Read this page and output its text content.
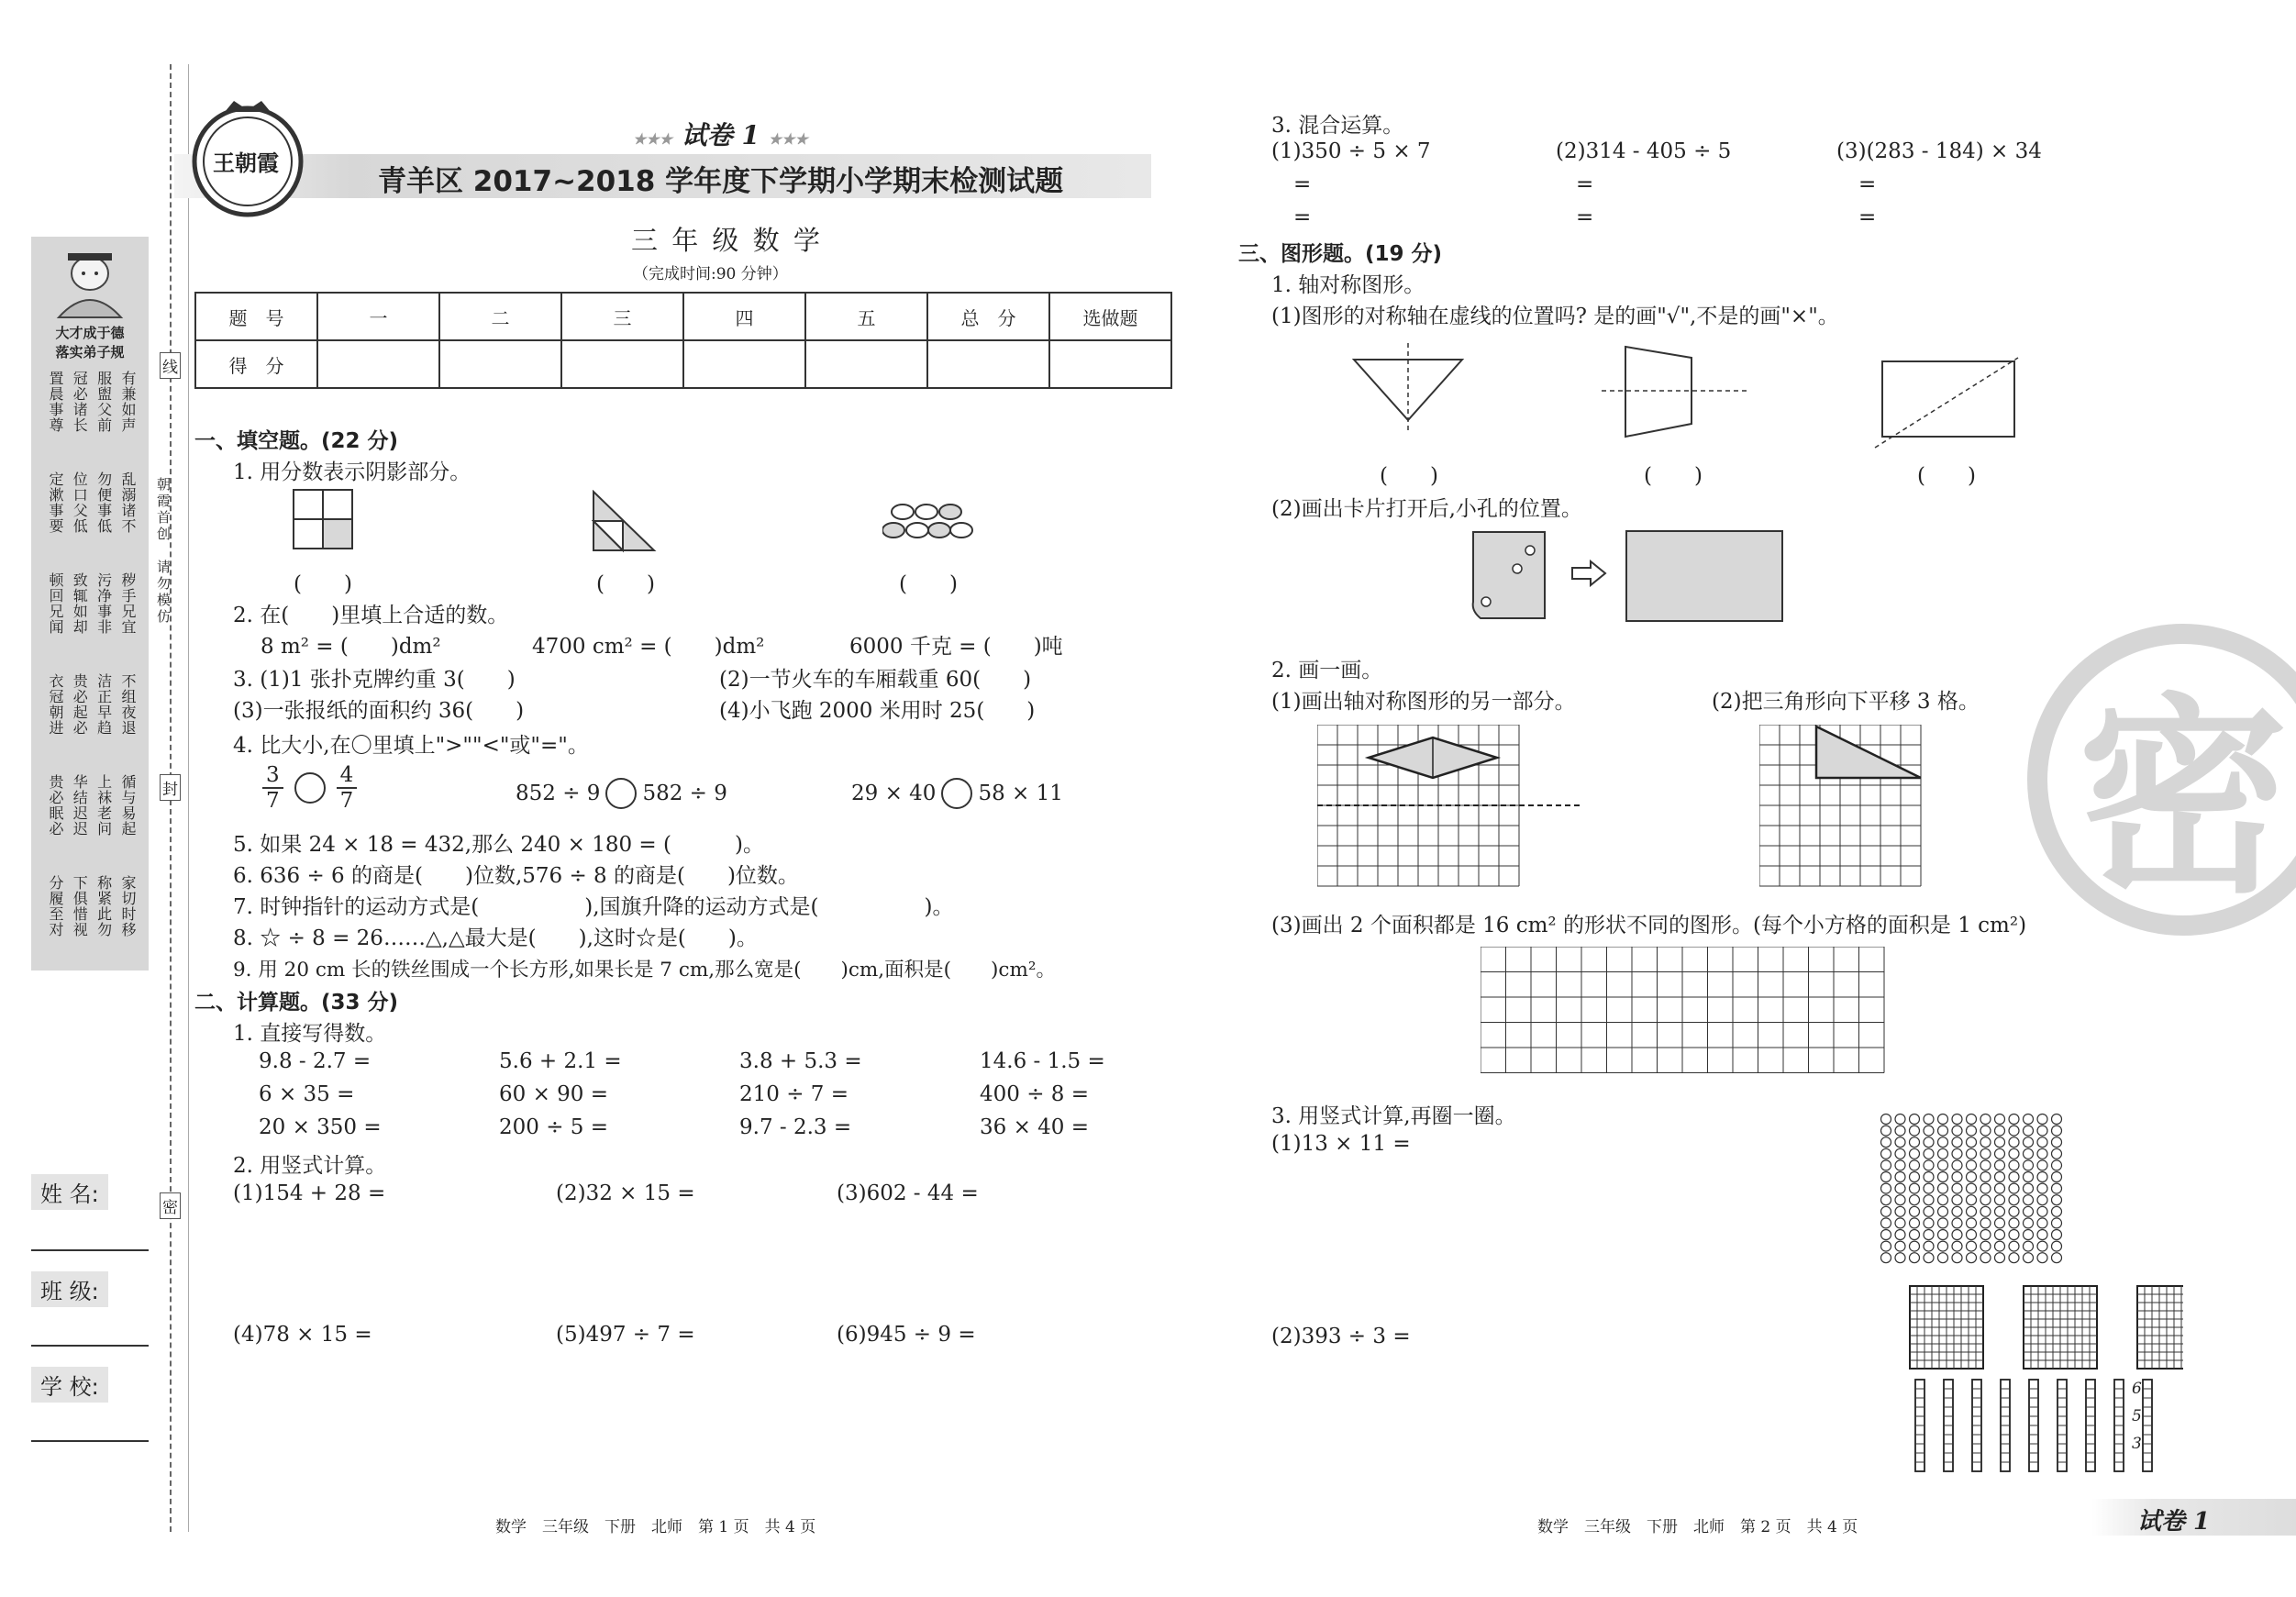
线
封
密
朝霞首创　请勿模仿
大才成于德
落实弟子规
置晨事尊 冠必诸长 服盥父前 有兼如声
定漱事要 位口父低 勿便事低 乱溺诸不
顿回兄闻 致辄如却 污净事非 秽手兄宜
衣冠朝进 贵必起必 洁正早趋 不组夜退
贵必眠必 华结迟迟 上袜老问 循与易起
分履至对 下俱惜视 称紧此勿 家切时移
姓 名:
班 级:
学 校:
王朝霞
★★★ 试卷 1 ★★★
青羊区 2017~2018 学年度下学期小学期末检测试题
三 年 级 数 学
（完成时间:90 分钟）
题　号	一	二	三	四	五	总　分	选做题
得　分							
一、填空题。(22 分)
1. 用分数表示阴影部分。
(　　)	(　　)	(　　)
2. 在(　　)里填上合适的数。
8 m² = (　　)dm²	4700 cm² = (　　)dm²	6000 千克 = (　　)吨
3. (1)1 张扑克牌约重 3(　　)	(2)一节火车的车厢载重 60(　　)
(3)一张报纸的面积约 36(　　)	(4)小飞跑 2000 米用时 25(　　)
4. 比大小,在〇里填上">""<"或"="。
$\frac{3}{7}$	$\frac{4}{7}$	852 ÷ 9 582 ÷ 9	29 × 40 58 × 11
5. 如果 24 × 18 = 432,那么 240 × 180 = (　　　)。
6. 636 ÷ 6 的商是(　　)位数,576 ÷ 8 的商是(　　)位数。
7. 时钟指针的运动方式是(　　　　　),国旗升降的运动方式是(　　　　　)。
8. ☆ ÷ 8 = 26……△,△最大是(　　),这时☆是(　　)。
9. 用 20 cm 长的铁丝围成一个长方形,如果长是 7 cm,那么宽是(　　)cm,面积是(　　)cm²。
二、计算题。(33 分)
1. 直接写得数。
9.8 - 2.7 =	5.6 + 2.1 =	3.8 + 5.3 =	14.6 - 1.5 =
6 × 35 =	60 × 90 =	210 ÷ 7 =	400 ÷ 8 =
20 × 350 =	200 ÷ 5 =	9.7 - 2.3 =	36 × 40 =
2. 用竖式计算。
(1)154 + 28 =	(2)32 × 15 =	(3)602 - 44 =
(4)78 × 15 =	(5)497 ÷ 7 =	(6)945 ÷ 9 =
数学　三年级　下册　北师　第 1 页　共 4 页
3. 混合运算。
(1)350 ÷ 5 × 7	(2)314 - 405 ÷ 5	(3)(283 - 184) × 34
=	=	=
=	=	=
三、图形题。(19 分)
1. 轴对称图形。
(1)图形的对称轴在虚线的位置吗? 是的画"√",不是的画"×"。
(　　)	(　　)	(　　)
(2)画出卡片打开后,小孔的位置。
2. 画一画。
(1)画出轴对称图形的另一部分。	(2)把三角形向下平移 3 格。
(3)画出 2 个面积都是 16 cm² 的形状不同的图形。(每个小方格的面积是 1 cm²)
3. 用竖式计算,再圈一圈。
(1)13 × 11 =
(2)393 ÷ 3 =
6
5
3
密
数学　三年级　下册　北师　第 2 页　共 4 页	试卷 1
